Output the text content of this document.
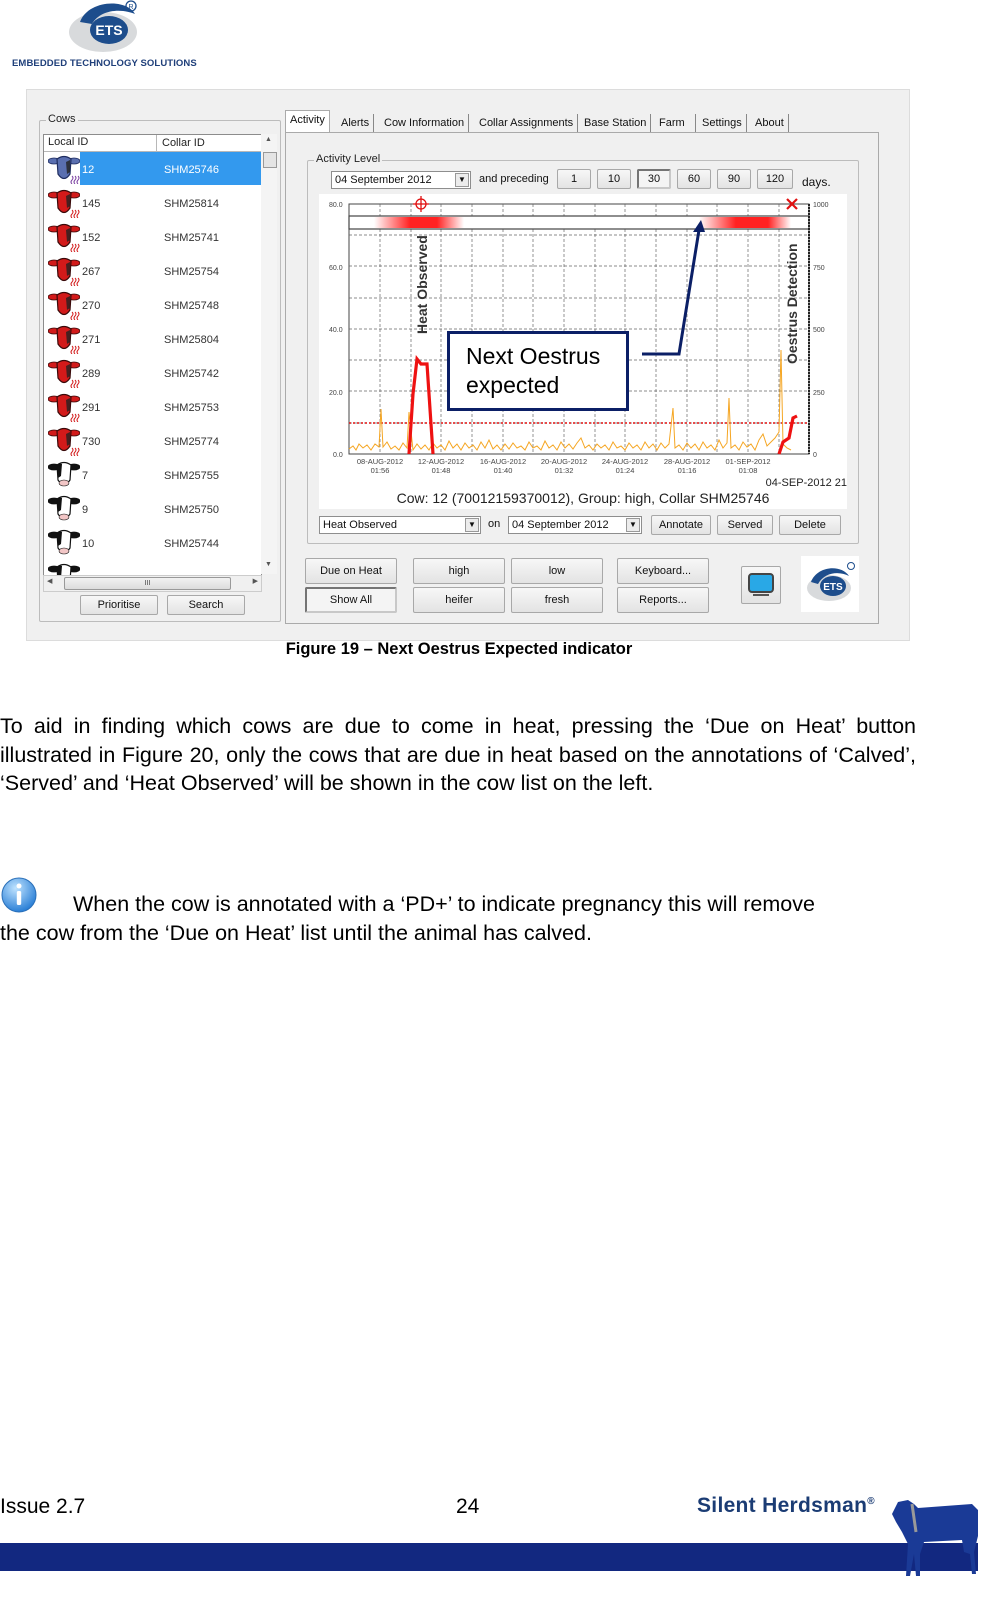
ETS
R
EMBEDDED TECHNOLOGY SOLUTIONS
Cows
Local ID	Collar ID
12	SHM25746
145	SHM25814
152	SHM25741
267	SHM25754
270	SHM25748
271	SHM25804
289	SHM25742
291	SHM25753
730	SHM25774
7	SHM25755
9	SHM25750
10	SHM25744
▲
▼
◀	III	▶
Prioritise	Search
Activity	Alerts	Cow Information	Collar Assignments Base Station	Farm	Settings	About
Activity Level
04 September 2012	▼ and preceding	1	10	30	60	90	120	days.
Heat Observed	Oestrus Detection
80.0
60.0
40.0
20.0
0.0
1000
750
500
250
0
08-AUG-2012
01:56
12-AUG-2012
01:48
16-AUG-2012
01:40
20-AUG-2012
01:32
24-AUG-2012
01:24
28-AUG-2012
01:16
01-SEP-2012
01:08
04-SEP-2012 21
Cow: 12 (70012159370012), Group: high, Collar SHM25746
Heat Observed	▼ on	04 September 2012	▼	Annotate	Served	Delete
Due on Heat
Show All
high
heifer
low
fresh
Keyboard...
Reports...
ETS
Next Oestrus
expected
Figure 19 – Next Oestrus Expected indicator
To aid in finding which cows are due to come in heat, pressing the ‘Due on Heat’ button illustrated in Figure 20, only the cows that are due in heat based on the annotations of ‘Calved’, ‘Served’ and ‘Heat Observed’ will be shown in the cow list on the left.
When the cow is annotated with a ‘PD+’ to indicate pregnancy this will remove
the cow from the ‘Due on Heat’ list until the animal has calved.
Issue 2.7	24	Silent Herdsman®
